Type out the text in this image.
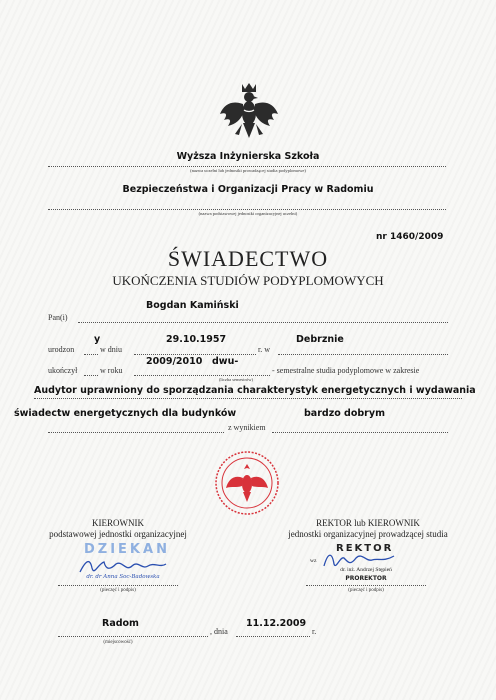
Wyższa Inżynierska Szkoła
(nazwa uczelni lub jednostki prowadzącej studia podyplomowe)
Bezpieczeństwa i Organizacji Pracy w Radomiu
(nazwa podstawowej jednostki organizacyjnej uczelni)
nr 1460/2009
ŚWIADECTWO
UKOŃCZENIA STUDIÓW PODYPLOMOWYCH
Bogdan Kamiński
Pan(i)
y	29.10.1957	Debrznie
urodzon	w dniu	r. w
2009/2010 dwu-
ukończył	w roku	- semestralne studia podyplomowe w zakresie
(liczba semestrów)
Audytor uprawniony do sporządzania charakterystyk energetycznych i wydawania
świadectw energetycznych dla budynków	bardzo dobrym
z wynikiem
KIEROWNIK
podstawowej jednostki organizacyjnej
DZIEKAN
dr. dr Anna Soc-Badowska
(pieczęć i podpis)
REKTOR lub KIEROWNIK
jednostki organizacyjnej prowadzącej studia
REKTOR
wz
dr. inż. Andrzej Stępień
PROREKTOR
(pieczęć i podpis)
Radom
, dnia
11.12.2009
r.
(miejscowość)
